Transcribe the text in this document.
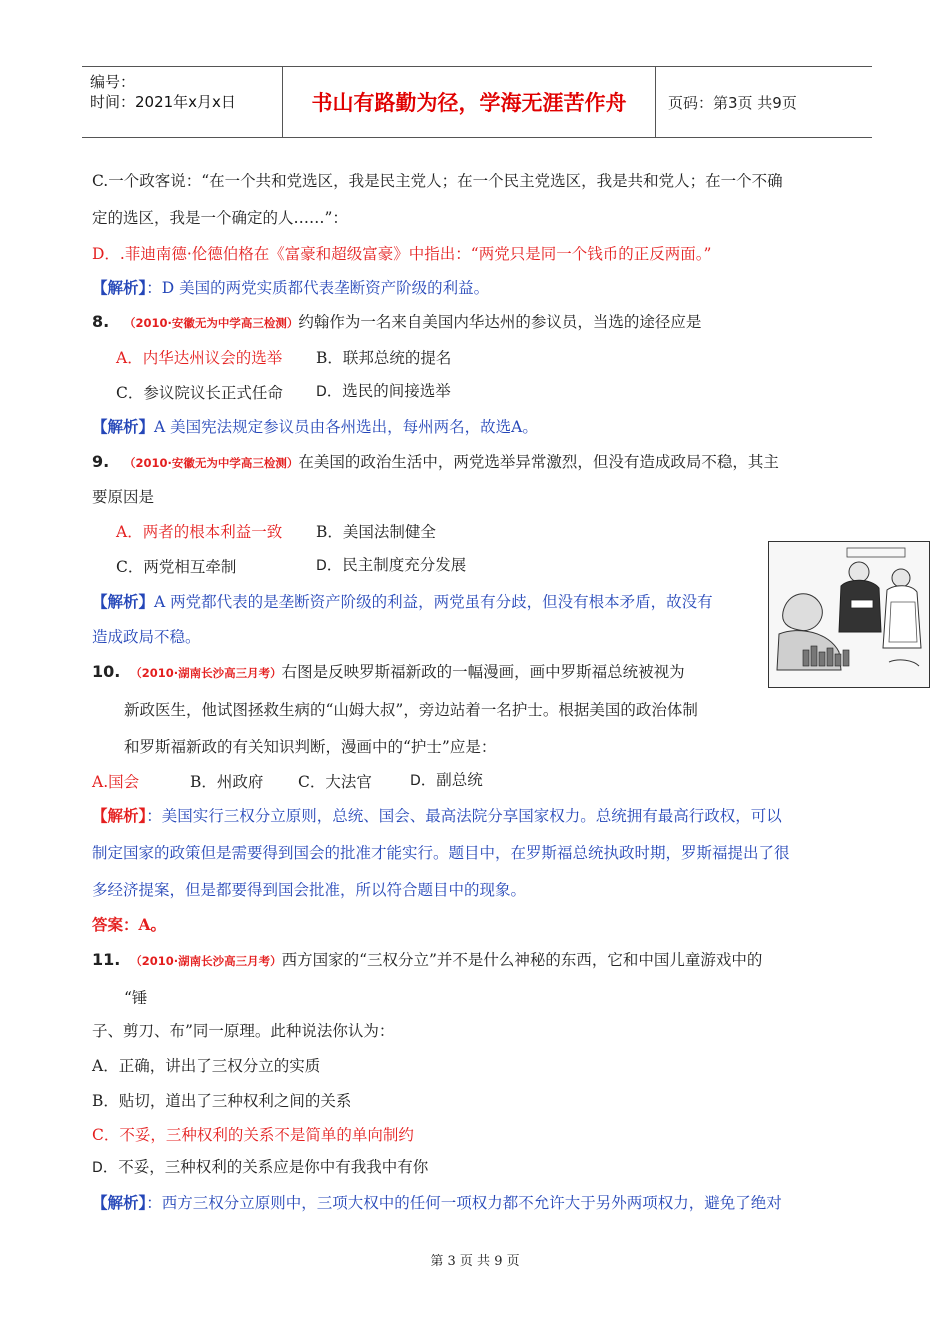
编号：
时间：2021年x月x日	书山有路勤为径，学海无涯苦作舟	页码：第3页 共9页
C.一个政客说：“在一个共和党选区，我是民主党人；在一个民主党选区，我是共和党人；在一个不确
定的选区，我是一个确定的人……”：
D．.菲迪南德·伦德伯格在《富豪和超级富豪》中指出：“两党只是同一个钱币的正反两面。”
【解析】：D 美国的两党实质都代表垄断资产阶级的利益。
8. （2010·安徽无为中学高三检测）约翰作为一名来自美国内华达州的参议员，当选的途径应是
A．内华达州议会的选举 B．联邦总统的提名
C．参议院议长正式任命 D．选民的间接选举
【解析】A 美国宪法规定参议员由各州选出，每州两名，故选A。
9. （2010·安徽无为中学高三检测）在美国的政治生活中，两党选举异常激烈，但没有造成政局不稳，其主
要原因是
A．两者的根本利益一致 B．美国法制健全
C．两党相互牵制	D．民主制度充分发展
【解析】A 两党都代表的是垄断资产阶级的利益，两党虽有分歧，但没有根本矛盾，故没有
造成政局不稳。
10. （2010·湖南长沙高三月考）右图是反映罗斯福新政的一幅漫画，画中罗斯福总统被视为
新政医生，他试图拯救生病的“山姆大叔”，旁边站着一名护士。根据美国的政治体制
和罗斯福新政的有关知识判断，漫画中的“护士”应是：
A.国会	B．州政府 C．大法官	D．副总统
【解析】：美国实行三权分立原则，总统、国会、最高法院分享国家权力。总统拥有最高行政权，可以
制定国家的政策但是需要得到国会的批准才能实行。题目中，在罗斯福总统执政时期，罗斯福提出了很
多经济提案，但是都要得到国会批准，所以符合题目中的现象。
答案：A。
11. （2010·湖南长沙高三月考）西方国家的“三权分立”并不是什么神秘的东西，它和中国儿童游戏中的
“锤
子、剪刀、布”同一原理。此种说法你认为：
A．正确，讲出了三权分立的实质
B．贴切，道出了三种权利之间的关系
C．不妥，三种权利的关系不是简单的单向制约
D．不妥，三种权利的关系应是你中有我我中有你
【解析】：西方三权分立原则中，三项大权中的任何一项权力都不允许大于另外两项权力，避免了绝对
第 3 页 共 9 页
